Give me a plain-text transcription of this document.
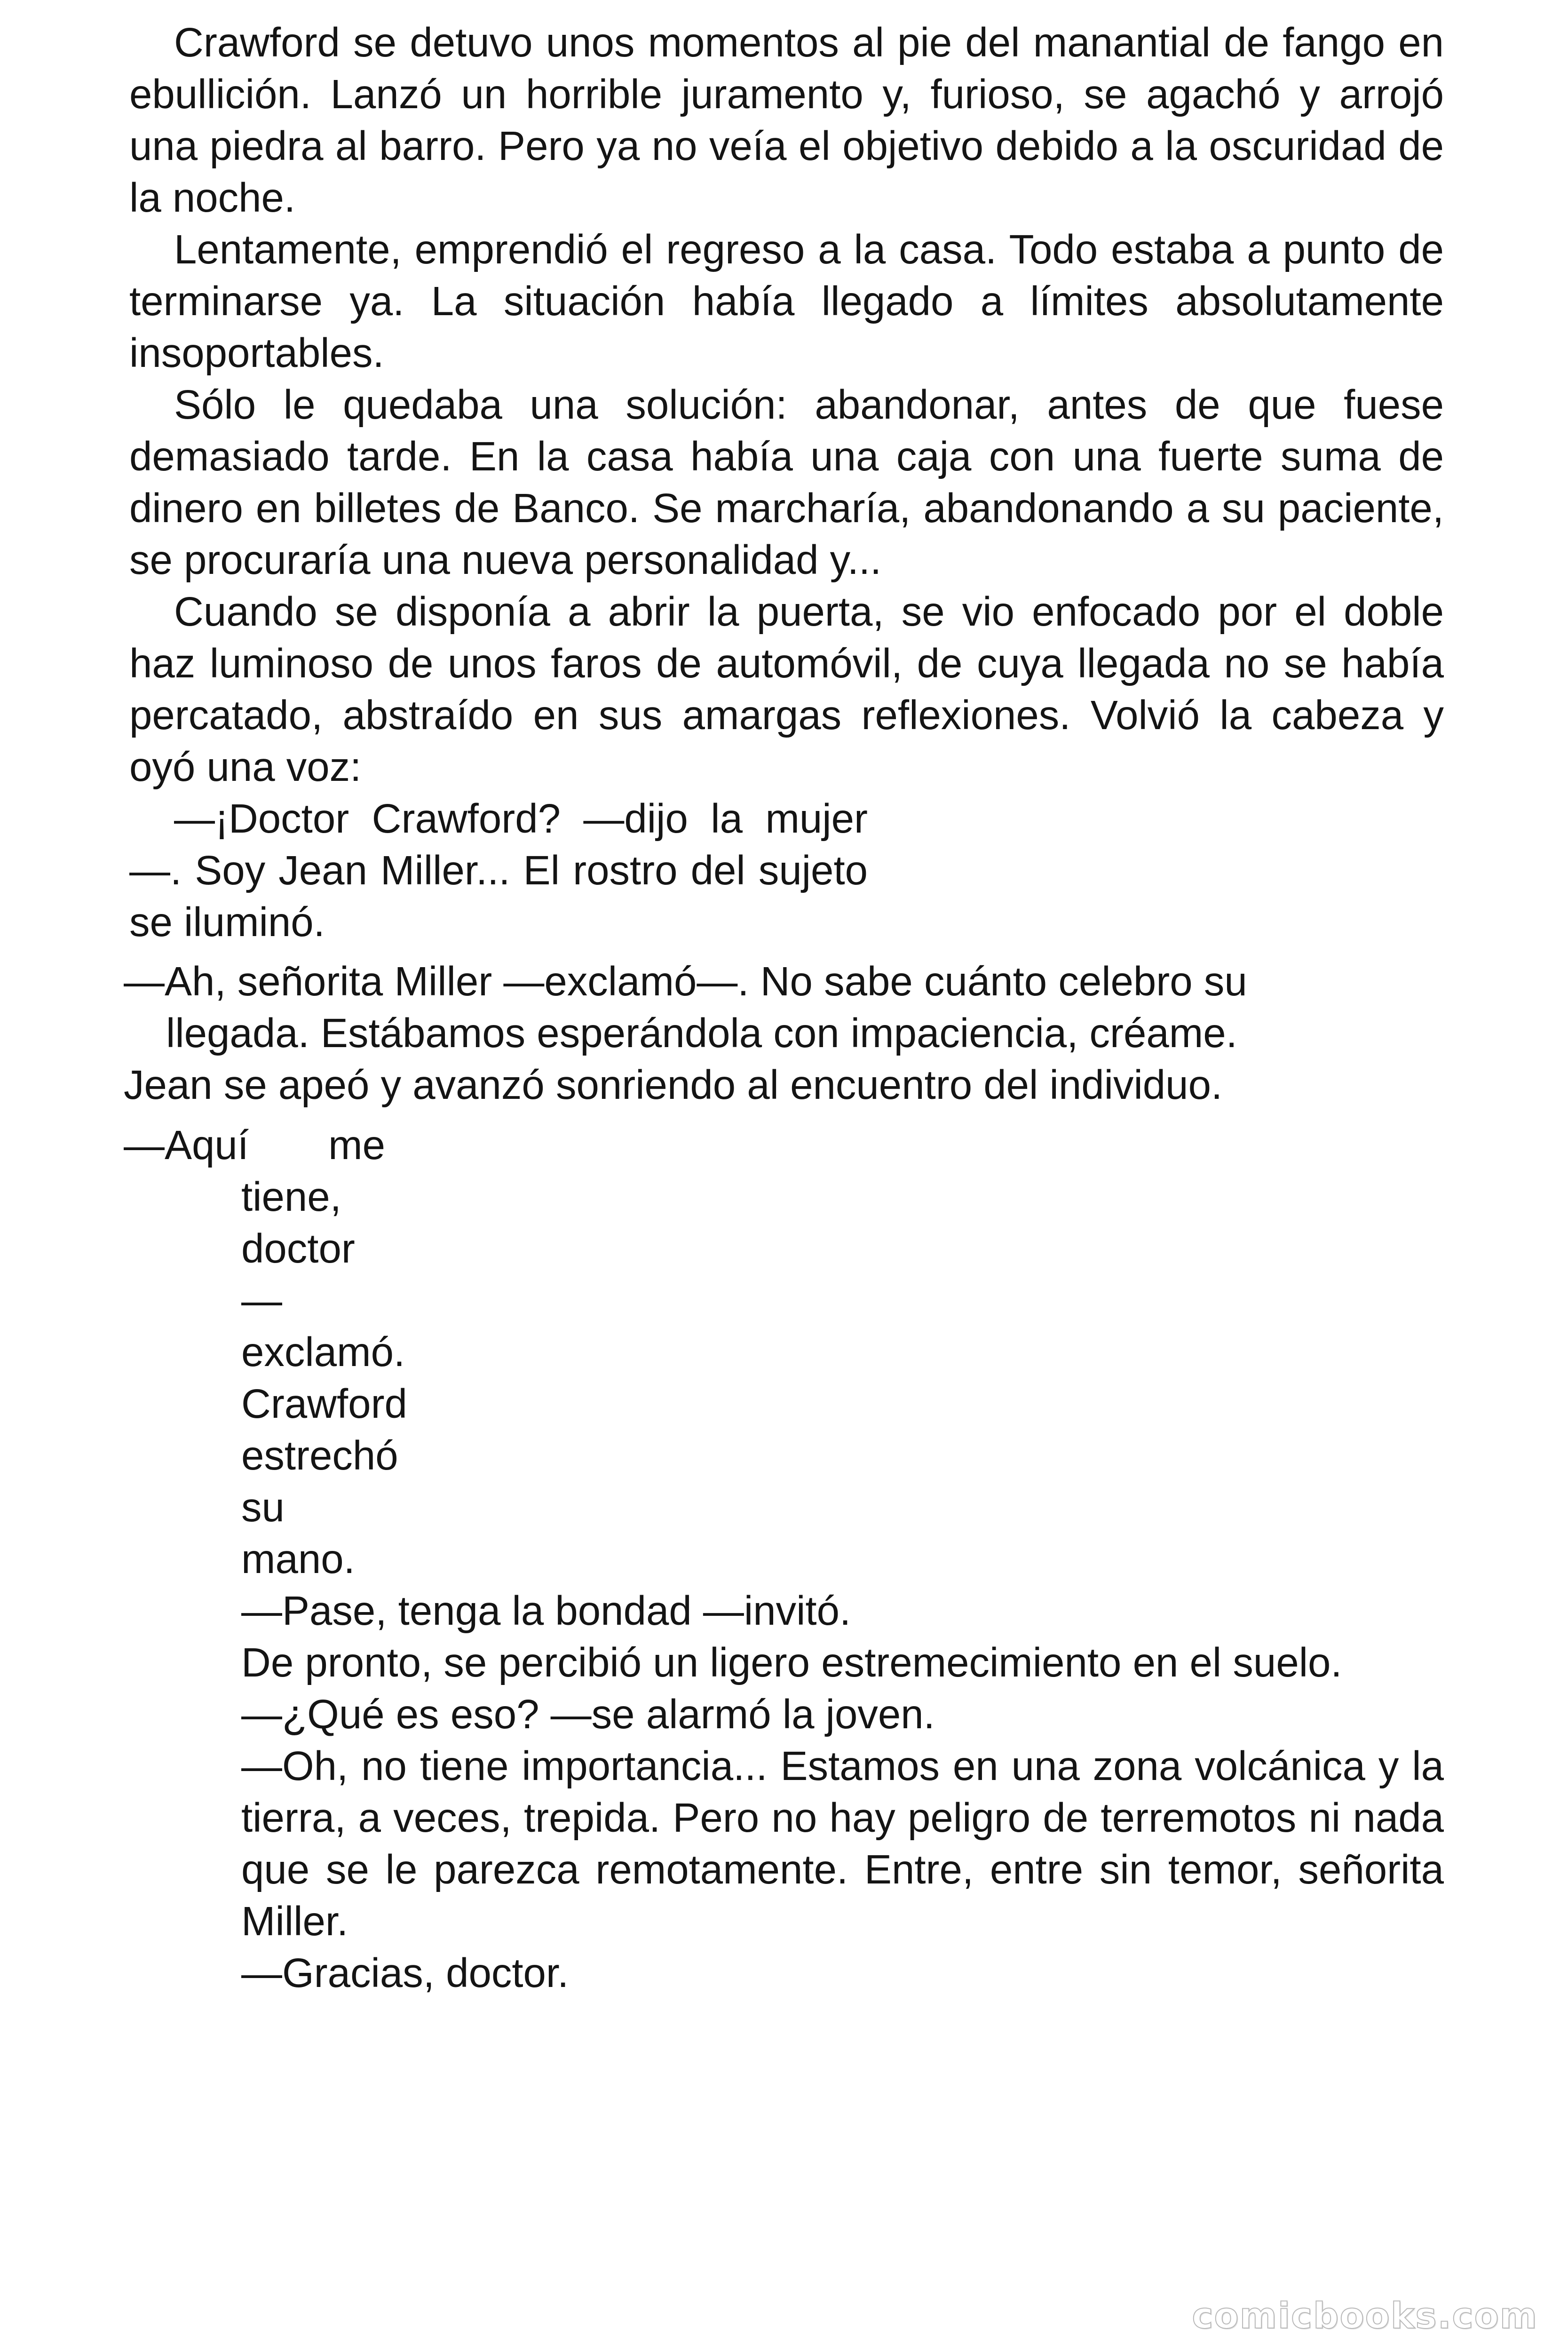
Crawford se detuvo unos momentos al pie del manantial de fango en ebullición. Lanzó un horrible juramento y, furioso, se agachó y arrojó una piedra al barro. Pero ya no veía el objetivo debido a la oscuridad de la noche.

Lentamente, emprendió el regreso a la casa. Todo estaba a punto de terminarse ya. La situación había llegado a límites absolutamente insoportables.

Sólo le quedaba una solución: abandonar, antes de que fuese demasiado tarde. En la casa había una caja con una fuerte suma de dinero en billetes de Banco. Se marcharía, abandonando a su paciente, se procuraría una nueva personalidad y...

Cuando se disponía a abrir la puerta, se vio enfocado por el doble haz luminoso de unos faros de automóvil, de cuya llegada no se había percatado, abstraído en sus amargas reflexiones. Volvió la cabeza y oyó una voz:

—¡Doctor Crawford? —dijo la mujer —. Soy Jean Miller... El rostro del sujeto se iluminó.

—Ah, señorita Miller —exclamó—. No sabe cuánto celebro su
llegada. Estábamos esperándola con impaciencia, créame.

Jean se apeó y avanzó sonriendo al encuentro del individuo.

—Aquí       me

tiene,
doctor
—
exclamó.
Crawford
estrechó
su
mano.

—Pase, tenga la bondad —invitó.

De pronto, se percibió un ligero estremecimiento en el suelo.

—¿Qué es eso? —se alarmó la joven.

—Oh, no tiene importancia... Estamos en una zona volcánica y la tierra, a veces, trepida. Pero no hay peligro de terremotos ni nada que se le parezca remotamente. Entre, entre sin temor, señorita Miller.

—Gracias, doctor.

comicbooks.com
